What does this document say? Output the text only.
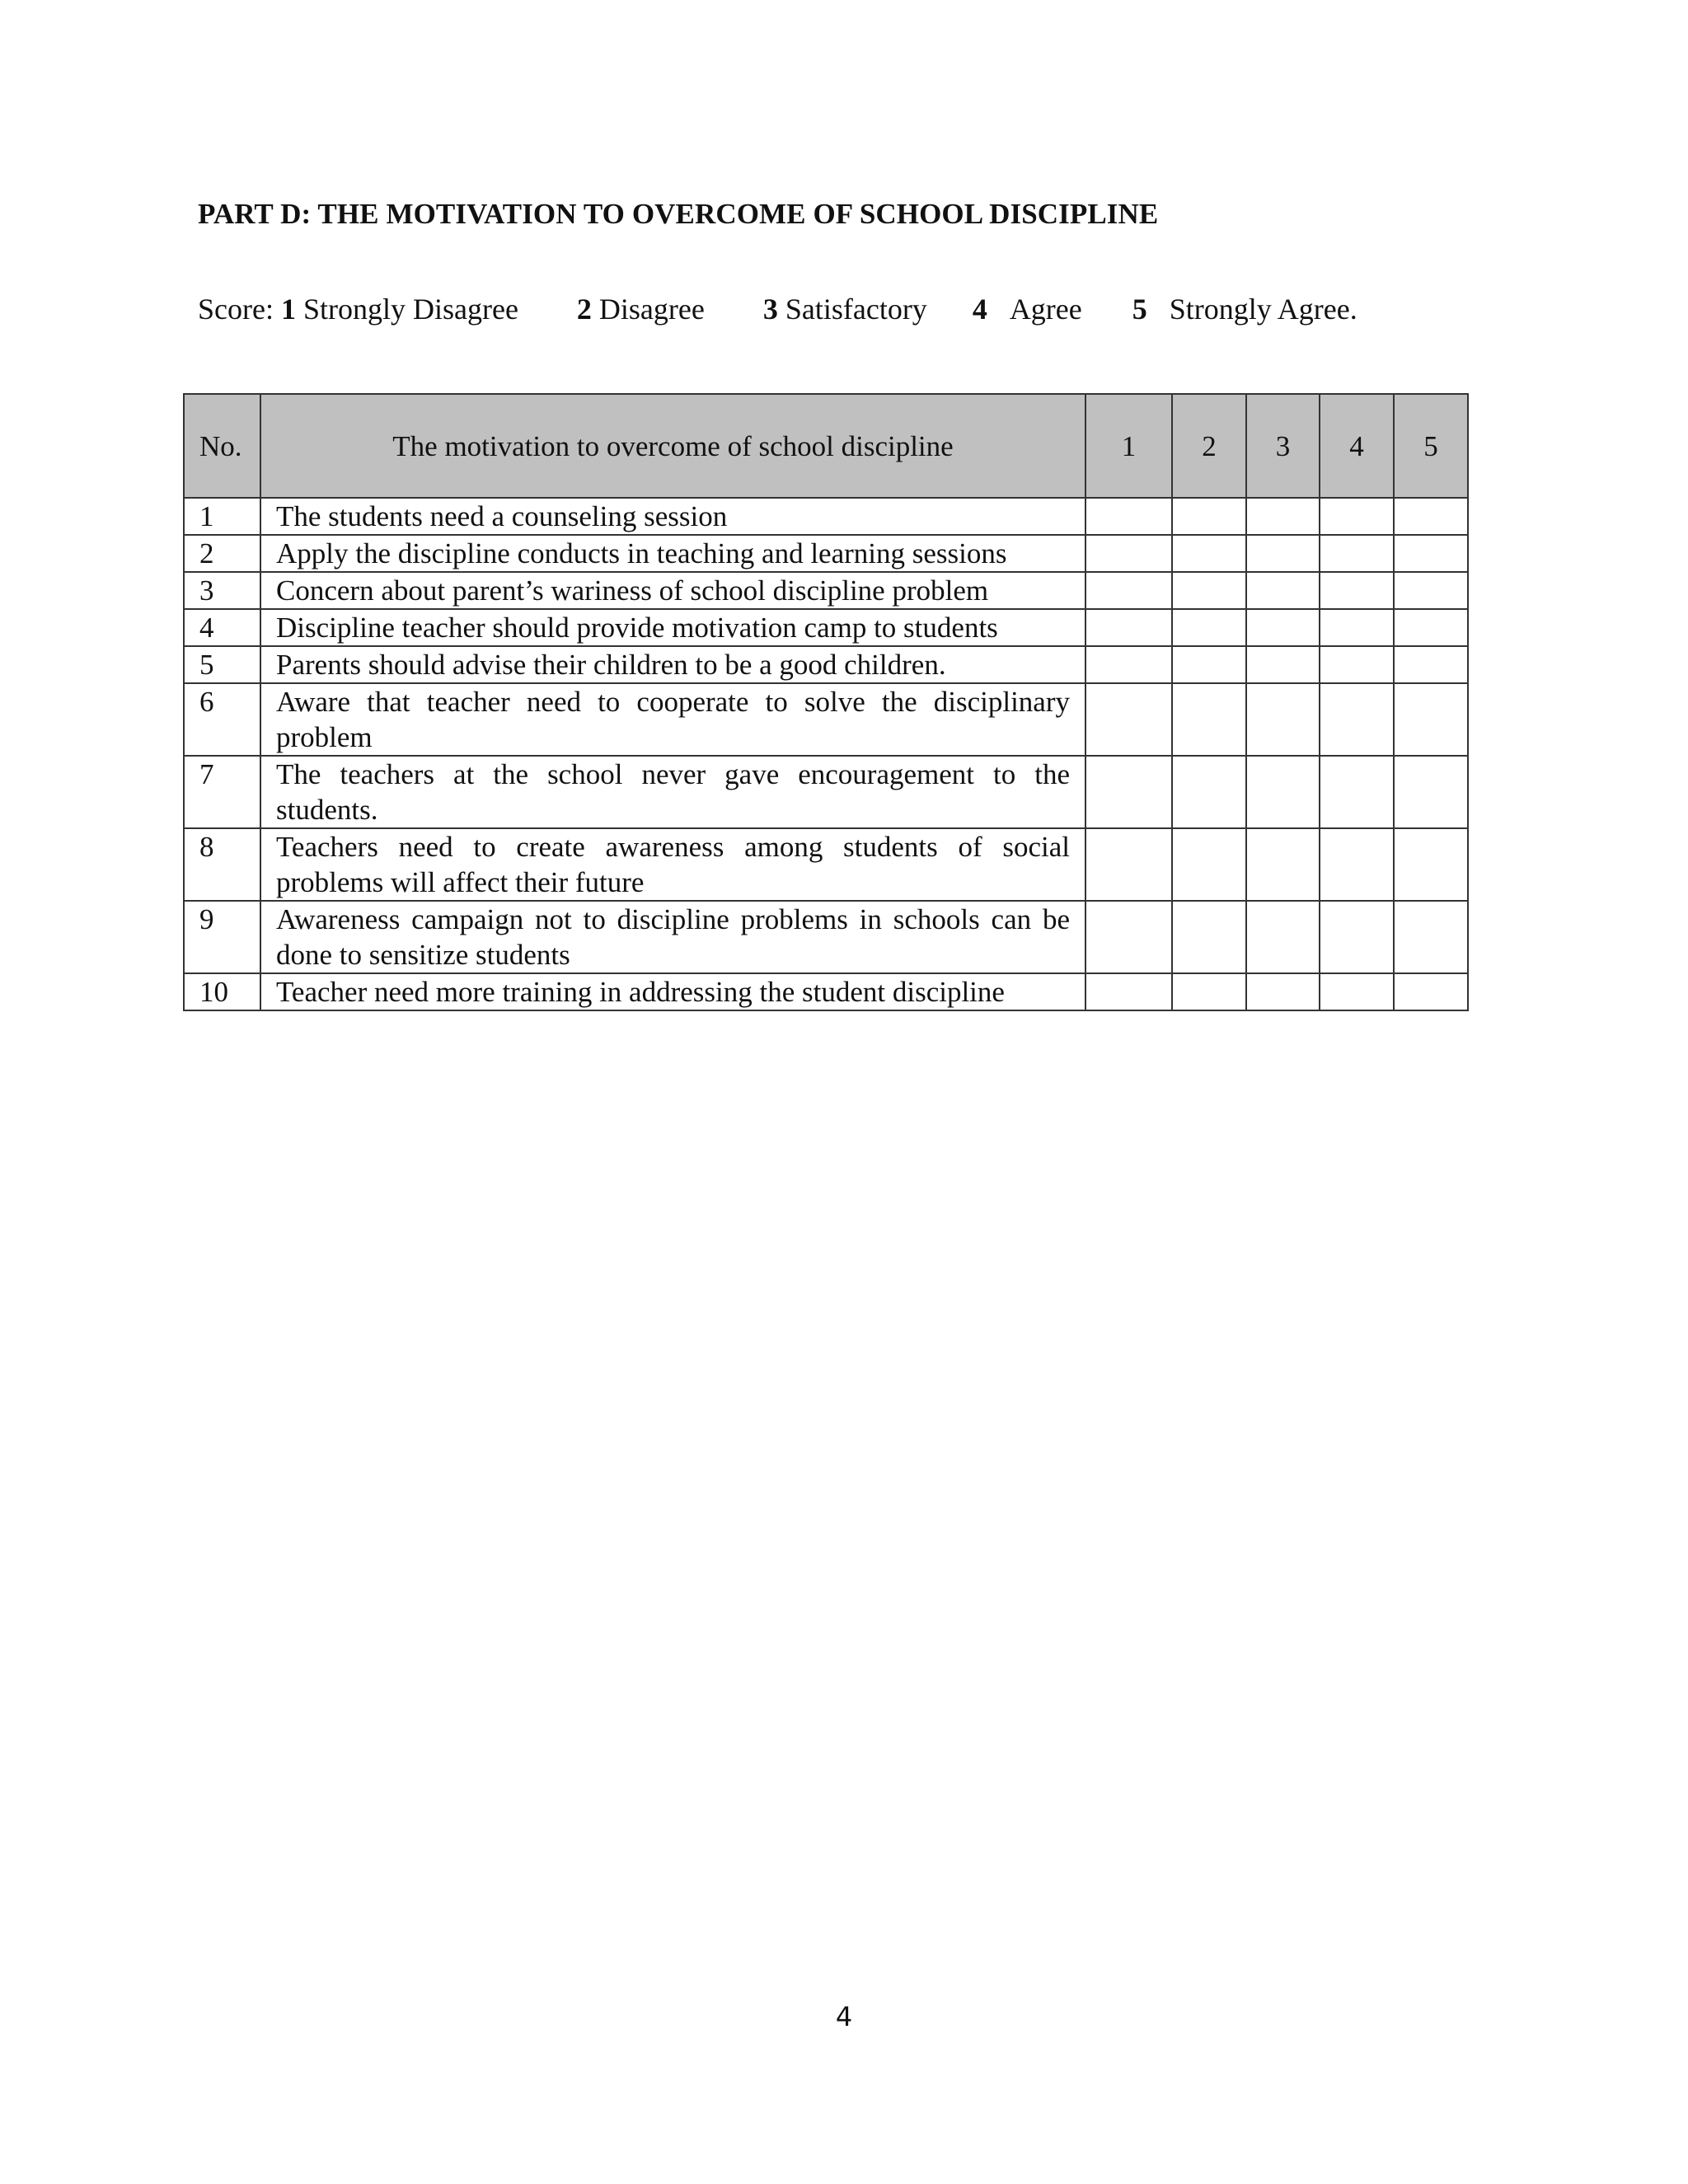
PART D: THE MOTIVATION TO OVERCOME OF SCHOOL DISCIPLINE
Score: 1 Strongly Disagree 2 Disagree 3 Satisfactory 4 Agree 5 Strongly Agree.
No.	The motivation to overcome of school discipline	1	2	3	4	5
1	The students need a counseling session					
2	Apply the discipline conducts in teaching and learning sessions					
3	Concern about parent’s wariness of school discipline problem					
4	Discipline teacher should provide motivation camp to students					
5	Parents should advise their children to be a good children.					
6	Aware that teacher need to cooperate to solve the disciplinary problem					
7	The teachers at the school never gave encouragement to the students.					
8	Teachers need to create awareness among students of social problems will affect their future					
9	Awareness campaign not to discipline problems in schools can be done to sensitize students					
10	Teacher need more training in addressing the student discipline					
4
